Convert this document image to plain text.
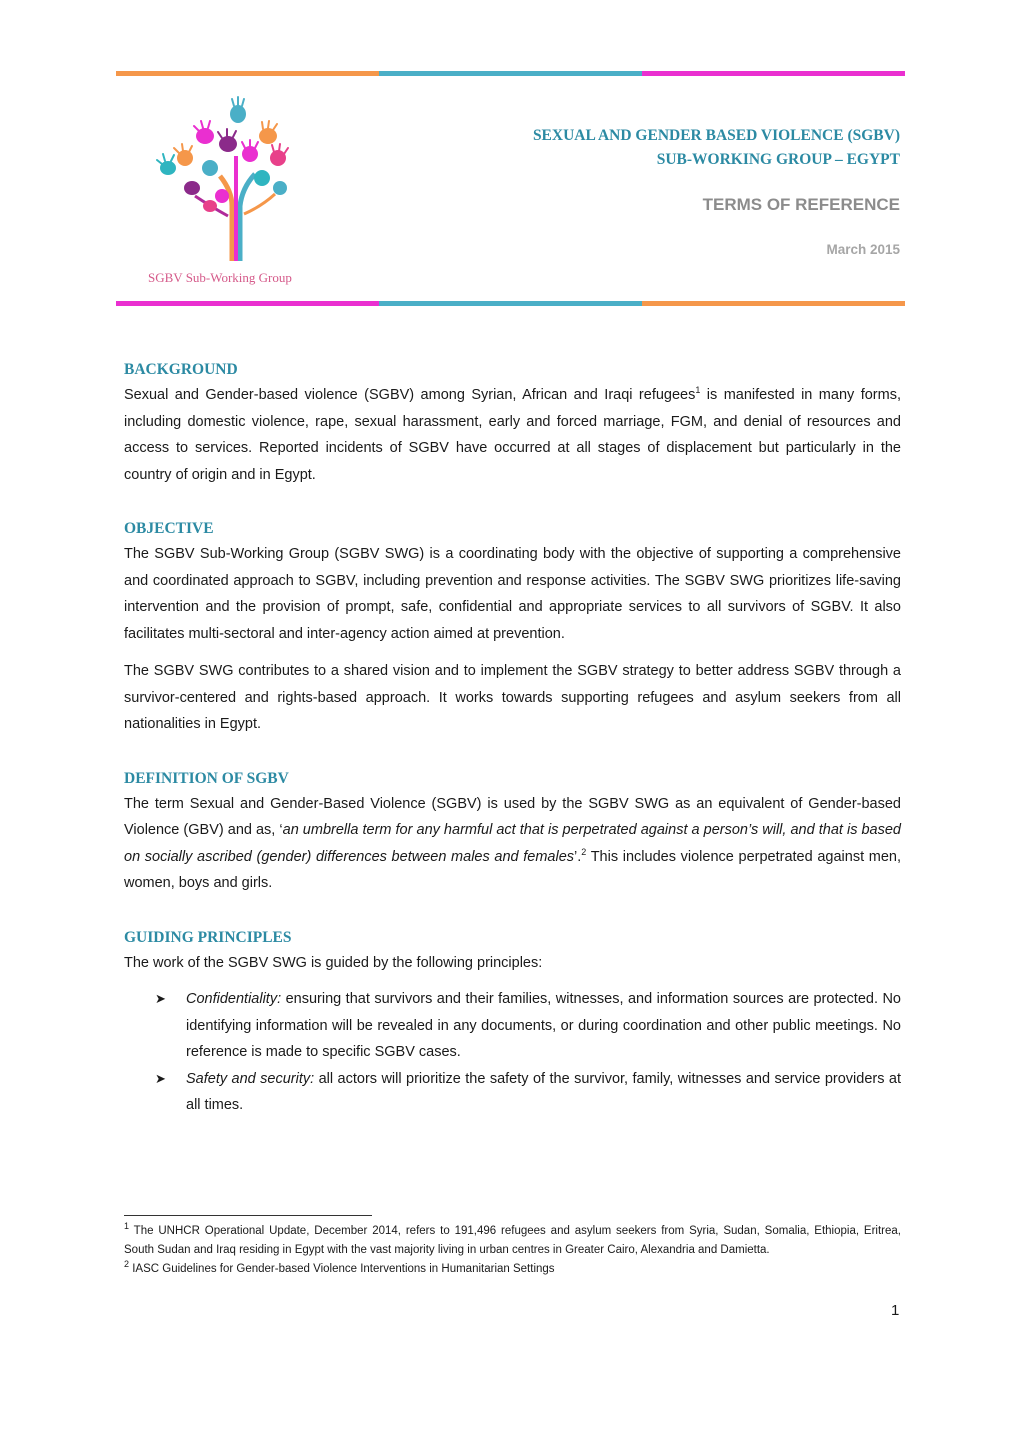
SGBV Sub-Working Group
SEXUAL AND GENDER BASED VIOLENCE (SGBV)
SUB-WORKING GROUP – EGYPT
TERMS OF REFERENCE
March 2015
BACKGROUND

Sexual and Gender-based violence (SGBV) among Syrian, African and Iraqi refugees$^1$ is manifested in many forms, including domestic violence, rape, sexual harassment, early and forced marriage, FGM, and denial of resources and access to services. Reported incidents of SGBV have occurred at all stages of displacement but particularly in the country of origin and in Egypt.

OBJECTIVE

The SGBV Sub-Working Group (SGBV SWG) is a coordinating body with the objective of supporting a comprehensive and coordinated approach to SGBV, including prevention and response activities. The SGBV SWG prioritizes life-saving intervention and the provision of prompt, safe, confidential and appropriate services to all survivors of SGBV. It also facilitates multi-sectoral and inter-agency action aimed at prevention.

The SGBV SWG contributes to a shared vision and to implement the SGBV strategy to better address SGBV through a survivor-centered and rights-based approach. It works towards supporting refugees and asylum seekers from all nationalities in Egypt.

DEFINITION OF SGBV

The term Sexual and Gender-Based Violence (SGBV) is used by the SGBV SWG as an equivalent of Gender-based Violence (GBV) and as, ‘an umbrella term for any harmful act that is perpetrated against a person’s will, and that is based on socially ascribed (gender) differences between males and females’.$^2$ This includes violence perpetrated against men, women, boys and girls.

GUIDING PRINCIPLES

The work of the SGBV SWG is guided by the following principles:

➤ Confidentiality: ensuring that survivors and their families, witnesses, and information sources are protected. No identifying information will be revealed in any documents, or during coordination and other public meetings. No reference is made to specific SGBV cases.
➤ Safety and security: all actors will prioritize the safety of the survivor, family, witnesses and service providers at all times.

$^1$ The UNHCR Operational Update, December 2014, refers to 191,496 refugees and asylum seekers from Syria, Sudan, Somalia, Ethiopia, Eritrea, South Sudan and Iraq residing in Egypt with the vast majority living in urban centres in Greater Cairo, Alexandria and Damietta.

$^2$ IASC Guidelines for Gender-based Violence Interventions in Humanitarian Settings

1
